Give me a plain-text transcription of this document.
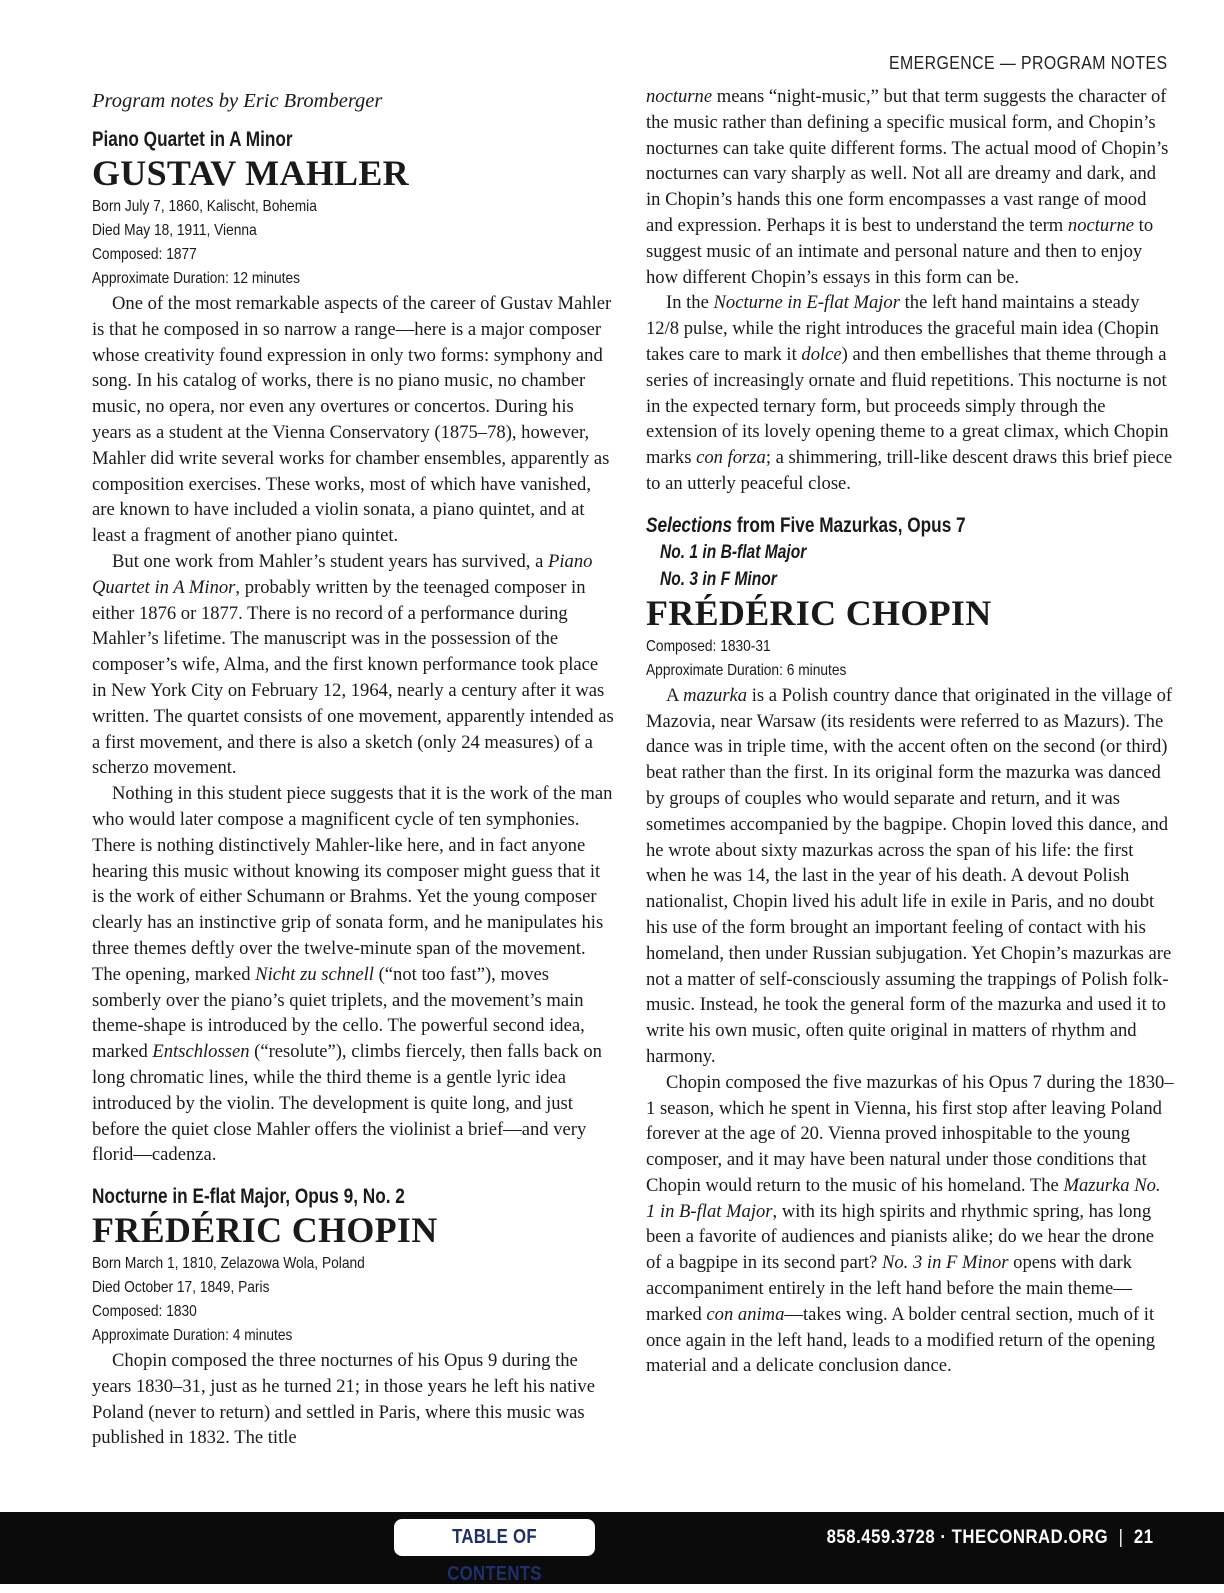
EMERGENCE — PROGRAM NOTES

Program notes by Eric Bromberger

Piano Quartet in A Minor
GUSTAV MAHLER

Born July 7, 1860, Kalischt, Bohemia

Died May 18, 1911, Vienna

Composed: 1877

Approximate Duration: 12 minutes

One of the most remarkable aspects of the career of Gustav Mahler is that he composed in so narrow a range—here is a major composer whose creativity found expression in only two forms: symphony and song. In his catalog of works, there is no piano music, no chamber music, no opera, nor even any overtures or concertos. During his years as a student at the Vienna Conservatory (1875–78), however, Mahler did write several works for chamber ensembles, apparently as composition exercises. These works, most of which have vanished, are known to have included a violin sonata, a piano quintet, and at least a fragment of another piano quintet.

But one work from Mahler’s student years has survived, a Piano Quartet in A Minor, probably written by the teenaged composer in either 1876 or 1877. There is no record of a performance during Mahler’s lifetime. The manuscript was in the possession of the composer’s wife, Alma, and the first known performance took place in New York City on February 12, 1964, nearly a century after it was written. The quartet consists of one movement, apparently intended as a first movement, and there is also a sketch (only 24 measures) of a scherzo movement.

Nothing in this student piece suggests that it is the work of the man who would later compose a magnificent cycle of ten symphonies. There is nothing distinctively Mahler-like here, and in fact anyone hearing this music without knowing its composer might guess that it is the work of either Schumann or Brahms. Yet the young composer clearly has an instinctive grip of sonata form, and he manipulates his three themes deftly over the twelve-minute span of the movement. The opening, marked Nicht zu schnell (“not too fast”), moves somberly over the piano’s quiet triplets, and the movement’s main theme-shape is introduced by the cello. The powerful second idea, marked Entschlossen (“resolute”), climbs fiercely, then falls back on long chromatic lines, while the third theme is a gentle lyric idea introduced by the violin. The development is quite long, and just before the quiet close Mahler offers the violinist a brief—and very florid—cadenza.

Nocturne in E-flat Major, Opus 9, No. 2
FRÉDÉRIC CHOPIN

Born March 1, 1810, Zelazowa Wola, Poland

Died October 17, 1849, Paris

Composed: 1830

Approximate Duration: 4 minutes

Chopin composed the three nocturnes of his Opus 9 during the years 1830–31, just as he turned 21; in those years he left his native Poland (never to return) and settled in Paris, where this music was published in 1832. The title

nocturne means “night-music,” but that term suggests the character of the music rather than defining a specific musical form, and Chopin’s nocturnes can take quite different forms. The actual mood of Chopin’s nocturnes can vary sharply as well. Not all are dreamy and dark, and in Chopin’s hands this one form encompasses a vast range of mood and expression. Perhaps it is best to understand the term nocturne to suggest music of an intimate and personal nature and then to enjoy how different Chopin’s essays in this form can be.

In the Nocturne in E-flat Major the left hand maintains a steady 12/8 pulse, while the right introduces the graceful main idea (Chopin takes care to mark it dolce) and then embellishes that theme through a series of increasingly ornate and fluid repetitions. This nocturne is not in the expected ternary form, but proceeds simply through the extension of its lovely opening theme to a great climax, which Chopin marks con forza; a shimmering, trill-like descent draws this brief piece to an utterly peaceful close.

Selections from Five Mazurkas, Opus 7

No. 1 in B-flat Major

No. 3 in F Minor

FRÉDÉRIC CHOPIN

Composed: 1830-31

Approximate Duration: 6 minutes

A mazurka is a Polish country dance that originated in the village of Mazovia, near Warsaw (its residents were referred to as Mazurs). The dance was in triple time, with the accent often on the second (or third) beat rather than the first. In its original form the mazurka was danced by groups of couples who would separate and return, and it was sometimes accompanied by the bagpipe. Chopin loved this dance, and he wrote about sixty mazurkas across the span of his life: the first when he was 14, the last in the year of his death. A devout Polish nationalist, Chopin lived his adult life in exile in Paris, and no doubt his use of the form brought an important feeling of contact with his homeland, then under Russian subjugation. Yet Chopin’s mazurkas are not a matter of self-consciously assuming the trappings of Polish folk-music. Instead, he took the general form of the mazurka and used it to write his own music, often quite original in matters of rhythm and harmony.

Chopin composed the five mazurkas of his Opus 7 during the 1830–1 season, which he spent in Vienna, his first stop after leaving Poland forever at the age of 20. Vienna proved inhospitable to the young composer, and it may have been natural under those conditions that Chopin would return to the music of his homeland. The Mazurka No. 1 in B-flat Major, with its high spirits and rhythmic spring, has long been a favorite of audiences and pianists alike; do we hear the drone of a bagpipe in its second part? No. 3 in F Minor opens with dark accompaniment entirely in the left hand before the main theme—marked con anima—takes wing. A bolder central section, much of it once again in the left hand, leads to a modified return of the opening material and a delicate conclusion dance.

TABLE OF CONTENTS
858.459.3728 · THECONRAD.ORG | 21
